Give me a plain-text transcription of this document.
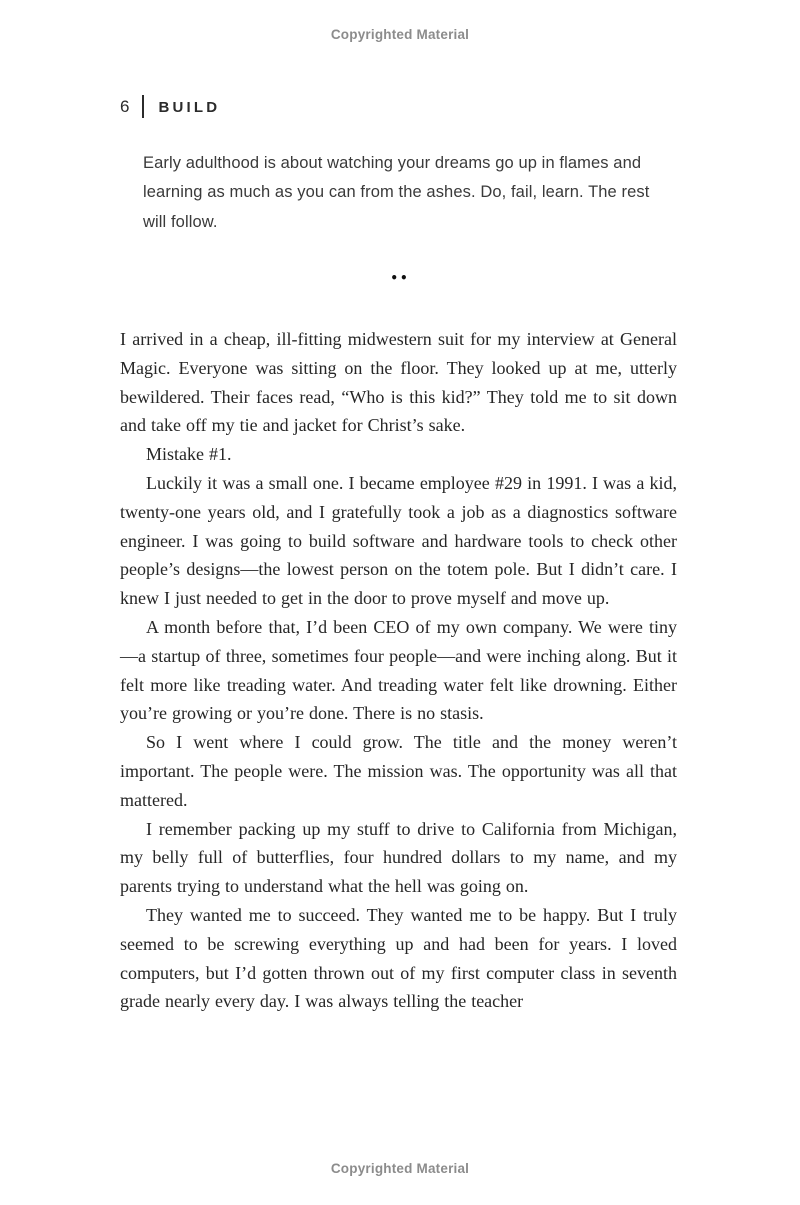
Copyrighted Material
6 BUILD
Early adulthood is about watching your dreams go up in flames and learning as much as you can from the ashes. Do, fail, learn. The rest will follow.
••

I arrived in a cheap, ill-fitting midwestern suit for my interview at General Magic. Everyone was sitting on the floor. They looked up at me, utterly bewildered. Their faces read, “Who is this kid?” They told me to sit down and take off my tie and jacket for Christ’s sake.

Mistake #1.

Luckily it was a small one. I became employee #29 in 1991. I was a kid, twenty-one years old, and I gratefully took a job as a diagnostics software engineer. I was going to build software and hardware tools to check other people’s designs—the lowest person on the totem pole. But I didn’t care. I knew I just needed to get in the door to prove myself and move up.

A month before that, I’d been CEO of my own company. We were tiny—a startup of three, sometimes four people—and were inching along. But it felt more like treading water. And treading water felt like drowning. Either you’re growing or you’re done. There is no stasis.

So I went where I could grow. The title and the money weren’t important. The people were. The mission was. The opportunity was all that mattered.

I remember packing up my stuff to drive to California from Michigan, my belly full of butterflies, four hundred dollars to my name, and my parents trying to understand what the hell was going on.

They wanted me to succeed. They wanted me to be happy. But I truly seemed to be screwing everything up and had been for years. I loved computers, but I’d gotten thrown out of my first computer class in seventh grade nearly every day. I was always telling the teacher

Copyrighted Material
